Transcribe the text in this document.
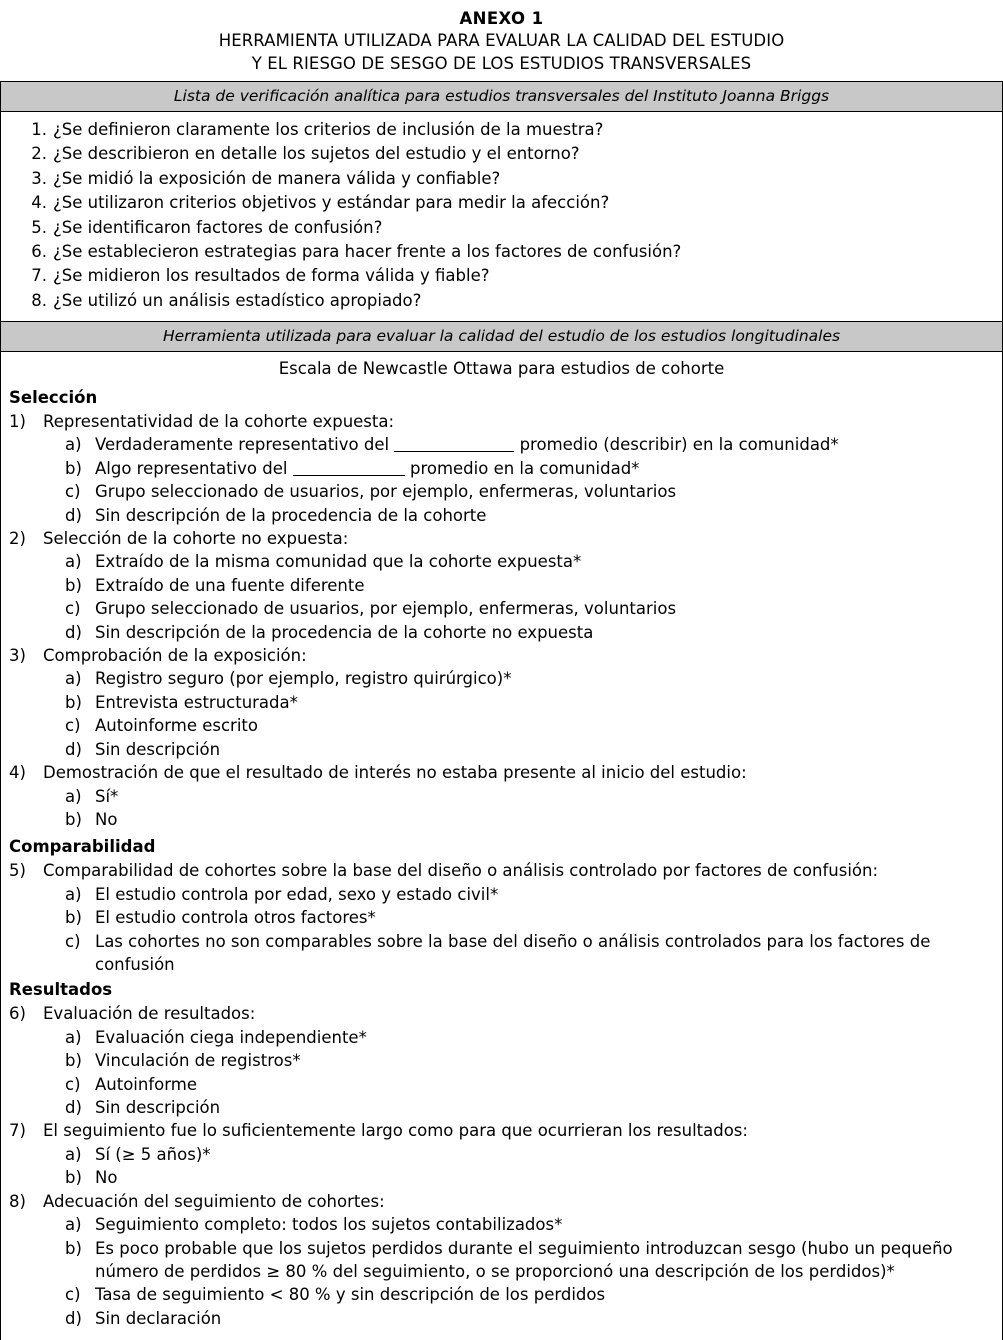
ANEXO 1
HERRAMIENTA UTILIZADA PARA EVALUAR LA CALIDAD DEL ESTUDIO
Y EL RIESGO DE SESGO DE LOS ESTUDIOS TRANSVERSALES
Lista de verificación analítica para estudios transversales del Instituto Joanna Briggs
1. ¿Se definieron claramente los criterios de inclusión de la muestra?
2. ¿Se describieron en detalle los sujetos del estudio y el entorno?
3. ¿Se midió la exposición de manera válida y confiable?
4. ¿Se utilizaron criterios objetivos y estándar para medir la afección?
5. ¿Se identificaron factores de confusión?
6. ¿Se establecieron estrategias para hacer frente a los factores de confusión?
7. ¿Se midieron los resultados de forma válida y fiable?
8. ¿Se utilizó un análisis estadístico apropiado?
Herramienta utilizada para evaluar la calidad del estudio de los estudios longitudinales
Escala de Newcastle Ottawa para estudios de cohorte
Selección
1)	Representatividad de la cohorte expuesta:
a) Verdaderamente representativo del	promedio (describir) en la comunidad*
b) Algo representativo del	promedio en la comunidad*
c) Grupo seleccionado de usuarios, por ejemplo, enfermeras, voluntarios
d) Sin descripción de la procedencia de la cohorte
2)	Selección de la cohorte no expuesta:
a) Extraído de la misma comunidad que la cohorte expuesta*
b) Extraído de una fuente diferente
c) Grupo seleccionado de usuarios, por ejemplo, enfermeras, voluntarios
d) Sin descripción de la procedencia de la cohorte no expuesta
3)	Comprobación de la exposición:
a) Registro seguro (por ejemplo, registro quirúrgico)*
b) Entrevista estructurada*
c) Autoinforme escrito
d) Sin descripción
4)	Demostración de que el resultado de interés no estaba presente al inicio del estudio:
a) Sí*
b) No
Comparabilidad
5)	Comparabilidad de cohortes sobre la base del diseño o análisis controlado por factores de confusión:
a) El estudio controla por edad, sexo y estado civil*
b) El estudio controla otros factores*
c) Las cohortes no son comparables sobre la base del diseño o análisis controlados para los factores de confusión
Resultados
6)	Evaluación de resultados:
a) Evaluación ciega independiente*
b) Vinculación de registros*
c) Autoinforme
d) Sin descripción
7)	El seguimiento fue lo suficientemente largo como para que ocurrieran los resultados:
a) Sí (≥ 5 años)*
b) No
8)	Adecuación del seguimiento de cohortes:
a) Seguimiento completo: todos los sujetos contabilizados*
b) Es poco probable que los sujetos perdidos durante el seguimiento introduzcan sesgo (hubo un pequeño número de perdidos ≥ 80 % del seguimiento, o se proporcionó una descripción de los perdidos)*
c) Tasa de seguimiento < 80 % y sin descripción de los perdidos
d) Sin declaración
